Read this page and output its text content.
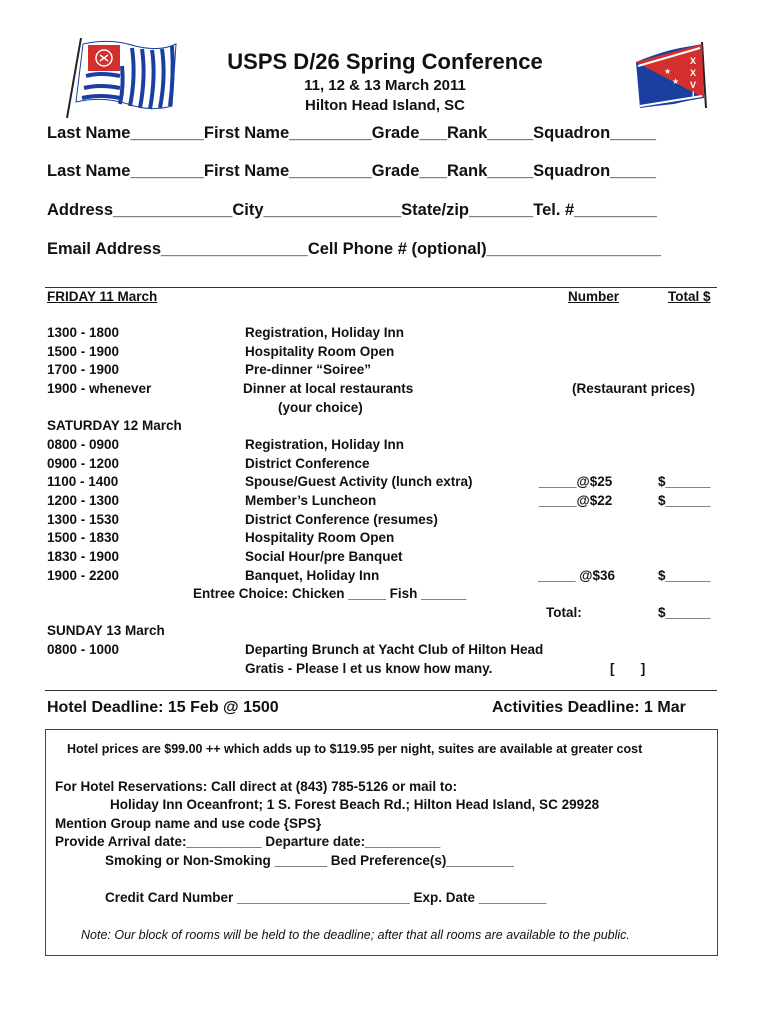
X
X
V
I
★
★
USPS D/26 Spring Conference
11, 12 & 13 March 2011
Hilton Head Island, SC
Last Name________First Name_________Grade___Rank_____Squadron_____
Last Name________First Name_________Grade___Rank_____Squadron_____
Address_____________City_______________State/zip_______Tel. #_________
Email Address________________Cell Phone # (optional)___________________
FRIDAY 11 March	Number	Total $
1300 - 1800	Registration, Holiday Inn
1500 - 1900	Hospitality Room Open
1700 - 1900	Pre-dinner “Soiree”
1900 - whenever	Dinner at local restaurants	(Restaurant prices)
(your choice)
SATURDAY 12 March
0800 - 0900	Registration, Holiday Inn
0900 - 1200	District Conference
1100 - 1400	Spouse/Guest Activity (lunch extra)	_____@$25	$______
1200 - 1300	Member’s Luncheon	_____@$22	$______
1300 - 1530	District Conference (resumes)
1500 - 1830	Hospitality Room Open
1830 - 1900	Social Hour/pre Banquet
1900 - 2200	Banquet, Holiday Inn	_____ @$36	$______
Entree Choice: Chicken _____ Fish ______
Total:	$______
SUNDAY 13 March
0800 - 1000	Departing Brunch at Yacht Club of Hilton Head
Gratis - Please l et us know how many.	[       ]
Hotel Deadline: 15 Feb @ 1500	Activities Deadline: 1 Mar
Hotel prices are $99.00 ++ which adds up to $119.95 per night, suites are available at greater cost
For Hotel Reservations: Call direct at (843) 785-5126 or mail to:
Holiday Inn Oceanfront; 1 S. Forest Beach Rd.; Hilton Head Island, SC 29928
Mention Group name and use code {SPS}
Provide Arrival date:__________ Departure date:__________
Smoking or Non-Smoking _______ Bed Preference(s)_________
Credit Card Number _______________________ Exp. Date _________
Note: Our block of rooms will be held to the deadline; after that all rooms are available to the public.
